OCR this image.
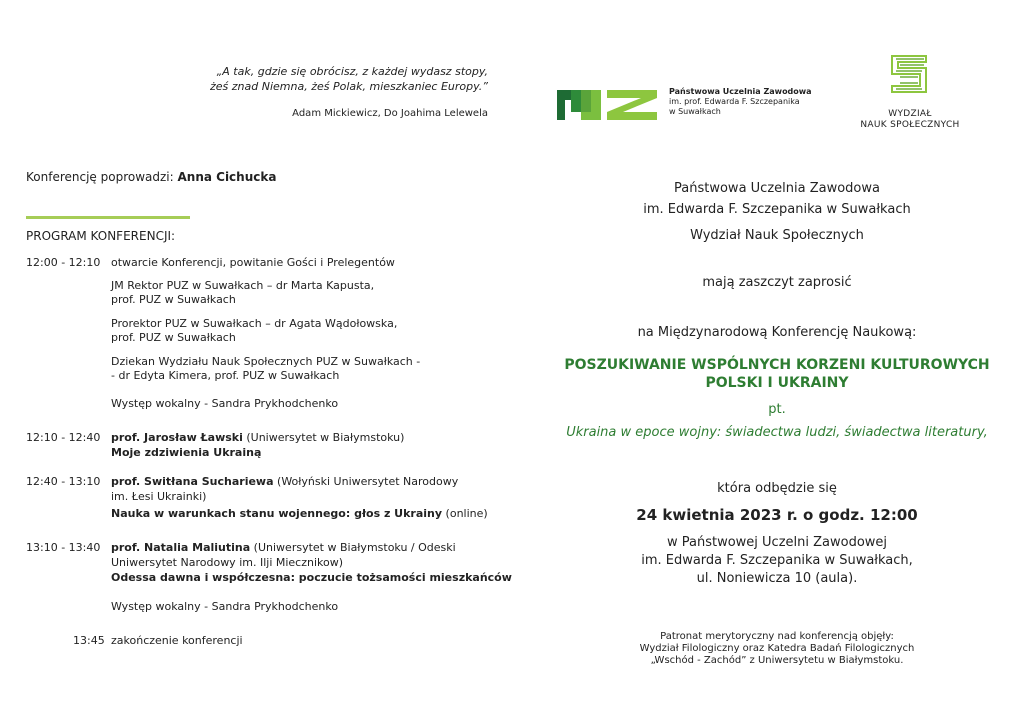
„A tak, gdzie się obrócisz, z każdej wydasz stopy,
żeś znad Niemna, żeś Polak, mieszkaniec Europy.”
Adam Mickiewicz, Do Joahima Lelewela
Państwowa Uczelnia Zawodowa
im. prof. Edwarda F. Szczepanika
w Suwałkach	WYDZIAŁ
NAUK SPOŁECZNYCH
Konferencję poprowadzi: Anna Cichucka
PROGRAM KONFERENCJI:
12:00 - 12:10 otwarcie Konferencji, powitanie Gości i Prelegentów
JM Rektor PUZ w Suwałkach – dr Marta Kapusta,
prof. PUZ w Suwałkach
Prorektor PUZ w Suwałkach – dr Agata Wądołowska,
prof. PUZ w Suwałkach
Dziekan Wydziału Nauk Społecznych PUZ w Suwałkach -
- dr Edyta Kimera, prof. PUZ w Suwałkach
Występ wokalny - Sandra Prykhodchenko
12:10 - 12:40 prof. Jarosław Ławski (Uniwersytet w Białymstoku)
Moje zdziwienia Ukrainą
12:40 - 13:10 prof. Switłana Suchariewa (Wołyński Uniwersytet Narodowy
im. Łesi Ukrainki)
Nauka w warunkach stanu wojennego: głos z Ukrainy (online)
13:10 - 13:40 prof. Natalia Maliutina (Uniwersytet w Białymstoku / Odeski
Uniwersytet Narodowy im. Ilji Miecznikow)
Odessa dawna i współczesna: poczucie tożsamości mieszkańców
Występ wokalny - Sandra Prykhodchenko
13:45 zakończenie konferencji
Państwowa Uczelnia Zawodowa
im. Edwarda F. Szczepanika w Suwałkach
Wydział Nauk Społecznych
mają zaszczyt zaprosić
na Międzynarodową Konferencję Naukową:
POSZUKIWANIE WSPÓLNYCH KORZENI KULTUROWYCH
POLSKI I UKRAINY
pt.
Ukraina w epoce wojny: świadectwa ludzi, świadectwa literatury,
która odbędzie się
24 kwietnia 2023 r. o godz. 12:00
w Państwowej Uczelni Zawodowej
im. Edwarda F. Szczepanika w Suwałkach,
ul. Noniewicza 10 (aula).
Patronat merytoryczny nad konferencją objęły:
Wydział Filologiczny oraz Katedra Badań Filologicznych
„Wschód - Zachód” z Uniwersytetu w Białymstoku.
